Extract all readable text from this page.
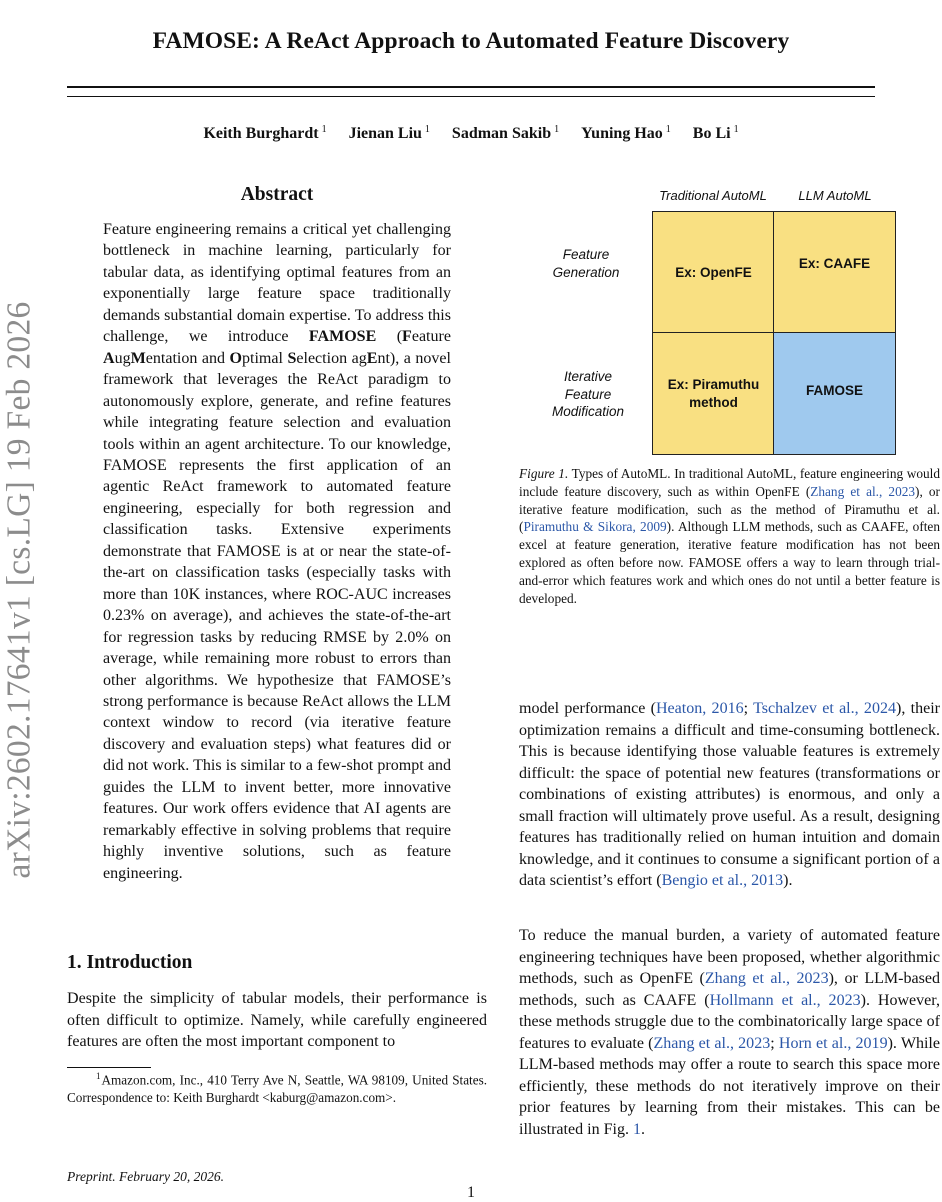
FAMOSE: A ReAct Approach to Automated Feature Discovery
Keith Burghardt $^1$ Jienan Liu $^1$ Sadman Sakib $^1$ Yuning Hao $^1$ Bo Li $^1$
arXiv:2602.17641v1 [cs.LG] 19 Feb 2026
Abstract
Feature engineering remains a critical yet challenging bottleneck in machine learning, particularly for tabular data, as identifying optimal features from an exponentially large feature space traditionally demands substantial domain expertise. To address this challenge, we introduce FAMOSE (Feature AugMentation and Optimal Selection agEnt), a novel framework that leverages the ReAct paradigm to autonomously explore, generate, and refine features while integrating feature selection and evaluation tools within an agent architecture. To our knowledge, FAMOSE represents the first application of an agentic ReAct framework to automated feature engineering, especially for both regression and classification tasks. Extensive experiments demonstrate that FAMOSE is at or near the state-of-the-art on classification tasks (especially tasks with more than 10K instances, where ROC-AUC increases 0.23% on average), and achieves the state-of-the-art for regression tasks by reducing RMSE by 2.0% on average, while remaining more robust to errors than other algorithms. We hypothesize that FAMOSE’s strong performance is because ReAct allows the LLM context window to record (via iterative feature discovery and evaluation steps) what features did or did not work. This is similar to a few-shot prompt and guides the LLM to invent better, more innovative features. Our work offers evidence that AI agents are remarkably effective in solving problems that require highly inventive solutions, such as feature engineering.
1. Introduction
Despite the simplicity of tabular models, their performance is often difficult to optimize. Namely, while carefully engineered features are often the most important component to
$^1$Amazon.com, Inc., 410 Terry Ave N, Seattle, WA 98109, United States. Correspondence to: Keith Burghardt <kaburg@amazon.com>.
Preprint. February 20, 2026.
1
Traditional AutoML	LLM AutoML
Feature
Generation
Iterative
Feature
Modification
Ex: OpenFE
Ex: CAAFE
Ex: Piramuthu
method
FAMOSE
Figure 1. Types of AutoML. In traditional AutoML, feature engineering would include feature discovery, such as within OpenFE (Zhang et al., 2023), or iterative feature modification, such as the method of Piramuthu et al. (Piramuthu & Sikora, 2009). Although LLM methods, such as CAAFE, often excel at feature generation, iterative feature modification has not been explored as often before now. FAMOSE offers a way to learn through trial-and-error which features work and which ones do not until a better feature is developed.
model performance (Heaton, 2016; Tschalzev et al., 2024), their optimization remains a difficult and time-consuming bottleneck. This is because identifying those valuable features is extremely difficult: the space of potential new features (transformations or combinations of existing attributes) is enormous, and only a small fraction will ultimately prove useful. As a result, designing features has traditionally relied on human intuition and domain knowledge, and it continues to consume a significant portion of a data scientist’s effort (Bengio et al., 2013).
To reduce the manual burden, a variety of automated feature engineering techniques have been proposed, whether algorithmic methods, such as OpenFE (Zhang et al., 2023), or LLM-based methods, such as CAAFE (Hollmann et al., 2023). However, these methods struggle due to the combinatorically large space of features to evaluate (Zhang et al., 2023; Horn et al., 2019). While LLM-based methods may offer a route to search this space more efficiently, these methods do not iteratively improve on their prior features by learning from their mistakes. This can be illustrated in Fig. 1.
